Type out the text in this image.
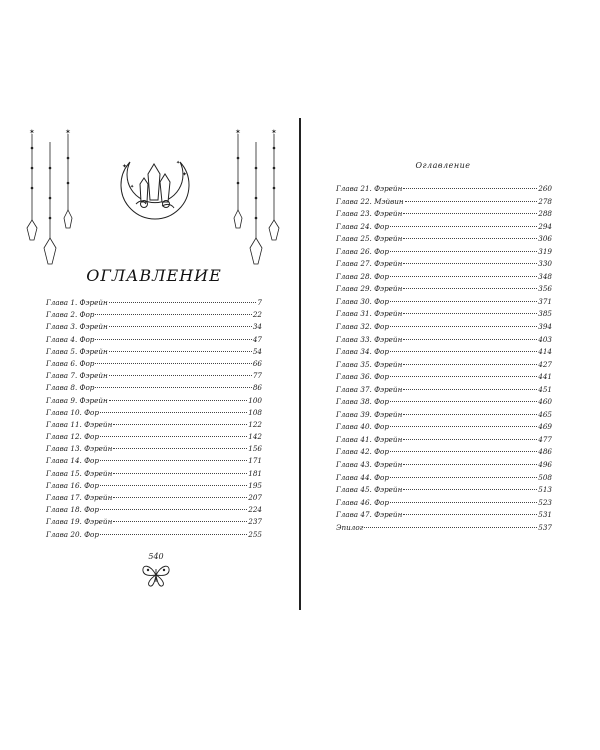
✶	✶
✦
✦
✦
✦
✶	✶
ОГЛАВЛЕНИЕ
Глава 1. Фэрейн	7
Глава 2. Фор	22
Глава 3. Фэрейн	34
Глава 4. Фор	47
Глава 5. Фэрейн	54
Глава 6. Фор	66
Глава 7. Фэрейн	77
Глава 8. Фор	86
Глава 9. Фэрейн	100
Глава 10. Фор	108
Глава 11. Фэрейн	122
Глава 12. Фор	142
Глава 13. Фэрейн	156
Глава 14. Фор	171
Глава 15. Фэрейн	181
Глава 16. Фор	195
Глава 17. Фэрейн	207
Глава 18. Фор	224
Глава 19. Фэрейн	237
Глава 20. Фор	255
540
Оглавление
Глава 21. Фэрейн	260
Глава 22. Мэйвин	278
Глава 23. Фэрейн	288
Глава 24. Фор	294
Глава 25. Фэрейн	306
Глава 26. Фор	319
Глава 27. Фэрейн	330
Глава 28. Фор	348
Глава 29. Фэрейн	356
Глава 30. Фор	371
Глава 31. Фэрейн	385
Глава 32. Фор	394
Глава 33. Фэрейн	403
Глава 34. Фор	414
Глава 35. Фэрейн	427
Глава 36. Фор	441
Глава 37. Фэрейн	451
Глава 38. Фор	460
Глава 39. Фэрейн	465
Глава 40. Фор	469
Глава 41. Фэрейн	477
Глава 42. Фор	486
Глава 43. Фэрейн	496
Глава 44. Фор	508
Глава 45. Фэрейн	513
Глава 46. Фор	523
Глава 47. Фэрейн	531
Эпилог	537
